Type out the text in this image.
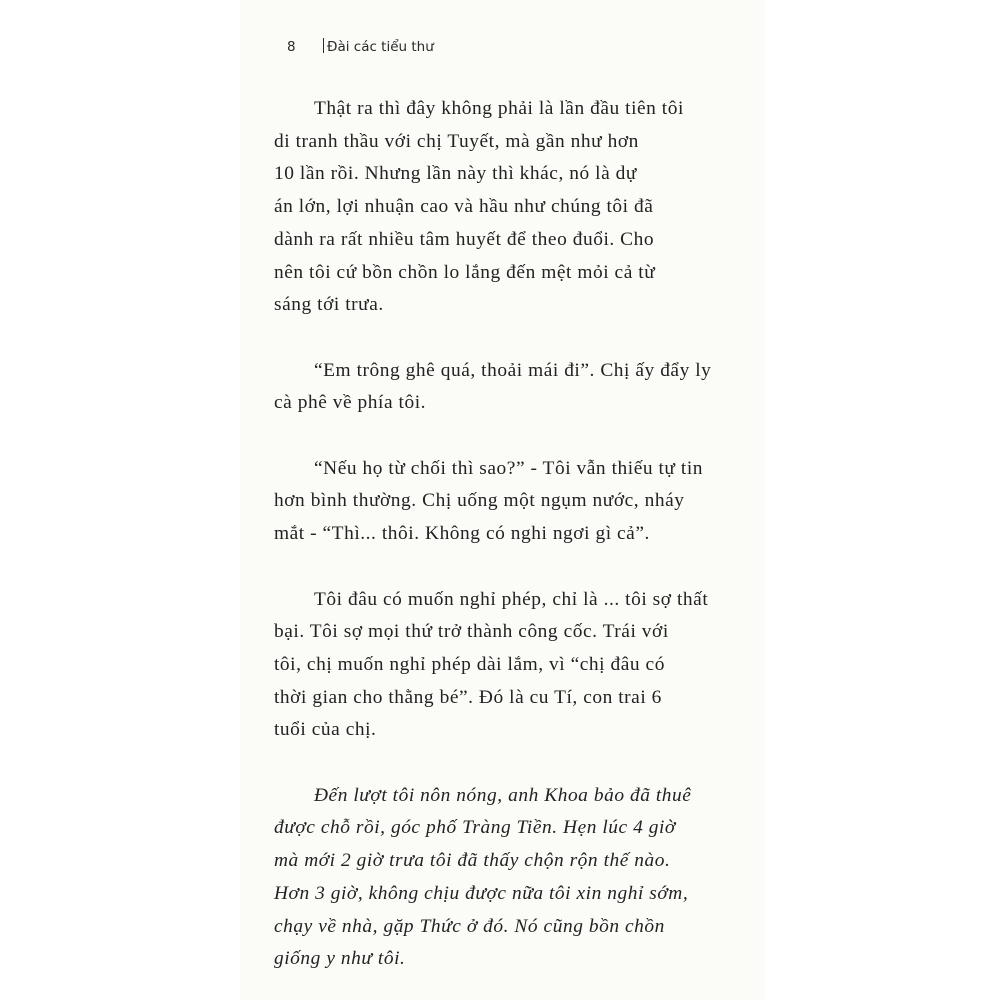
8 Đài các tiểu thư

Thật ra thì đây không phải là lần đầu tiên tôi
di tranh thầu với chị Tuyết, mà gần như hơn
10 lần rồi. Nhưng lần này thì khác, nó là dự
án lớn, lợi nhuận cao và hầu như chúng tôi đã
dành ra rất nhiều tâm huyết để theo đuổi. Cho
nên tôi cứ bồn chồn lo lắng đến mệt mỏi cả từ
sáng tới trưa.

“Em trông ghê quá, thoải mái đi”. Chị ấy đẩy ly
cà phê về phía tôi.

“Nếu họ từ chối thì sao?” - Tôi vẫn thiếu tự tin
hơn bình thường. Chị uống một ngụm nước, nháy
mắt - “Thì... thôi. Không có nghi ngơi gì cả”.

Tôi đâu có muốn nghỉ phép, chỉ là ... tôi sợ thất
bại. Tôi sợ mọi thứ trở thành công cốc. Trái với
tôi, chị muốn nghỉ phép dài lắm, vì “chị đâu có
thời gian cho thằng bé”. Đó là cu Tí, con trai 6
tuổi của chị.

Đến lượt tôi nôn nóng, anh Khoa bảo đã thuê
được chỗ rồi, góc phố Tràng Tiền. Hẹn lúc 4 giờ
mà mới 2 giờ trưa tôi đã thấy chộn rộn thế nào.
Hơn 3 giờ, không chịu được nữa tôi xin nghỉ sớm,
chạy về nhà, gặp Thức ở đó. Nó cũng bồn chồn
giống y như tôi.
